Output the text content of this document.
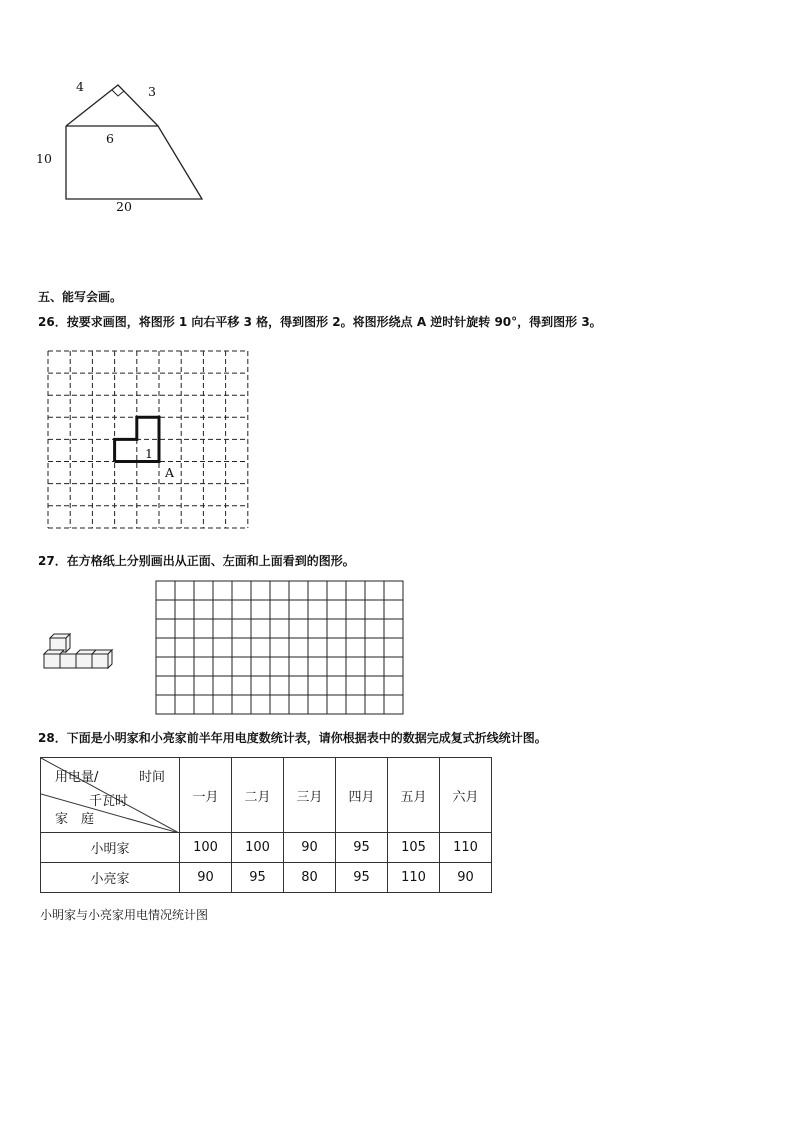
4	3
6
10
20
五、能写会画。
26．按要求画图，将图形 1 向右平移 3 格，得到图形 2。将图形绕点 A 逆时针旋转 90°，得到图形 3。
1
A
27．在方格纸上分别画出从正面、左面和上面看到的图形。
28．下面是小明家和小亮家前半年用电度数统计表，请你根据表中的数据完成复式折线统计图。
用电量/ 时间
千瓦时
家　庭	一月	二月	三月	四月	五月	六月
小明家	100	100	90	95	105	110
小亮家	90	95	80	95	110	90
小明家与小亮家用电情况统计图
